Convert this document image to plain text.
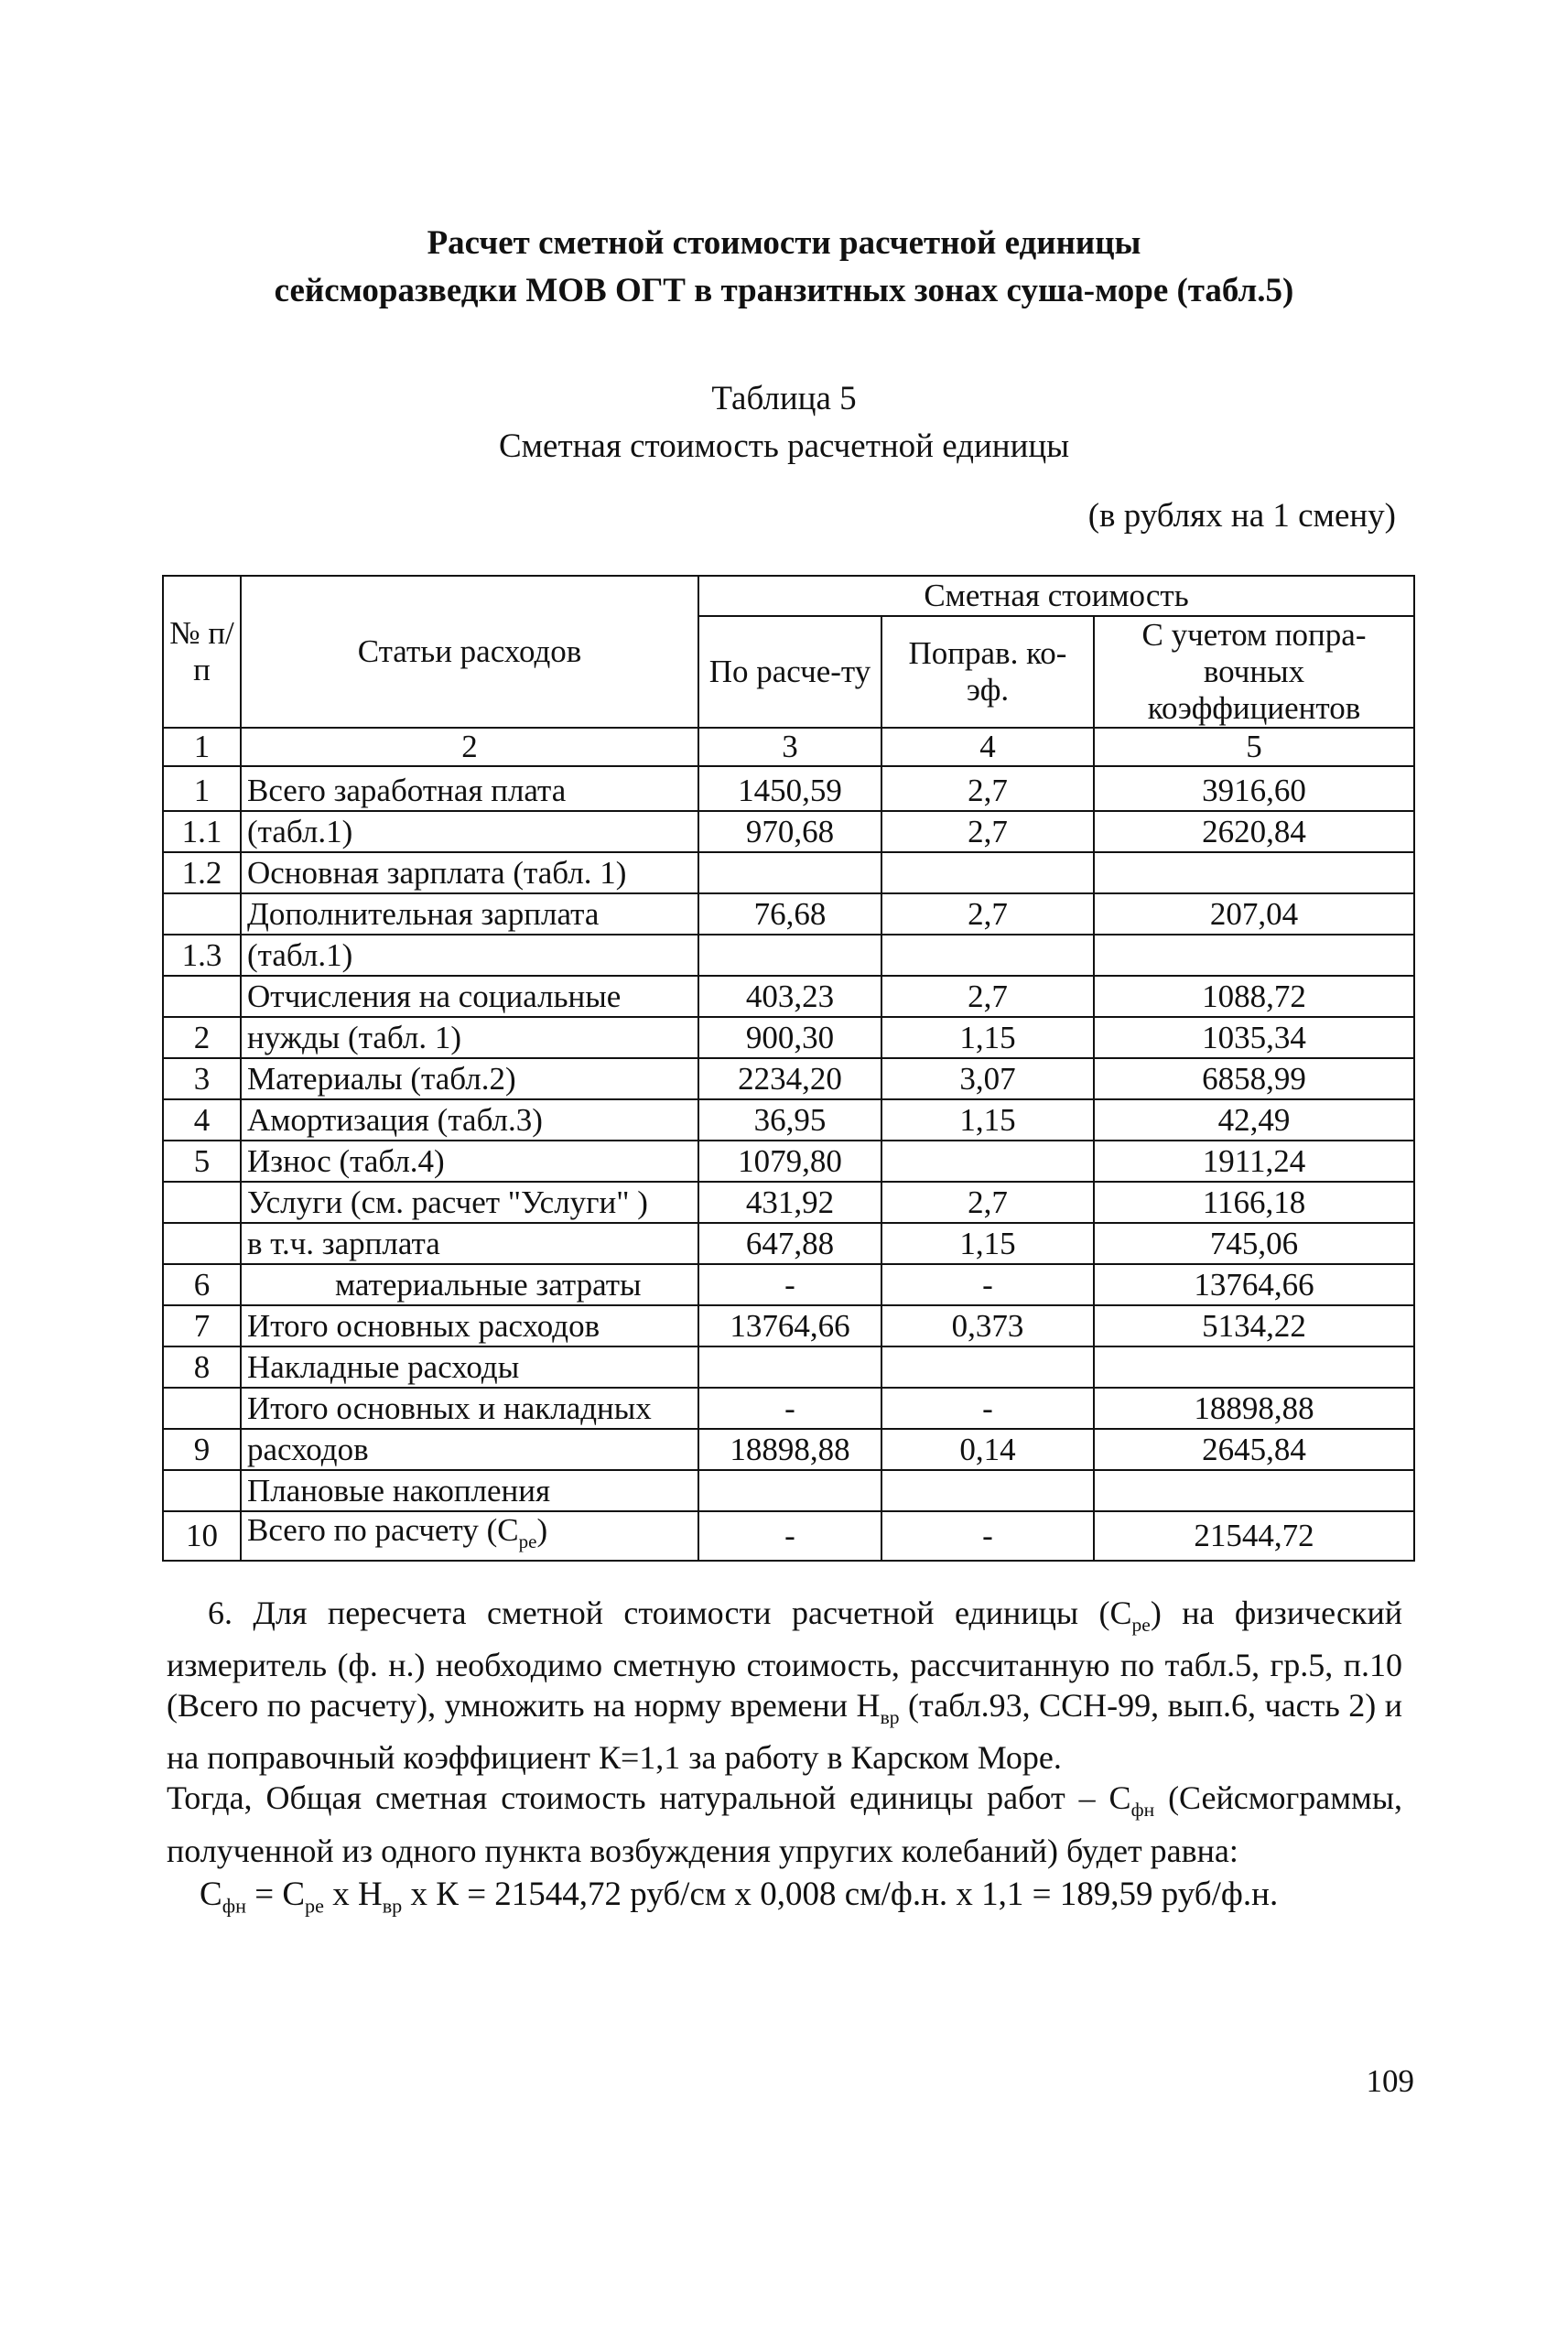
Расчет сметной стоимости расчетной единицы
сейсморазведки МОВ ОГТ в транзитных зонах суша-море (табл.5)
Таблица 5
Сметная стоимость расчетной единицы
(в рублях на 1 смену)
№ п/п	Статьи расходов	Сметная стоимость		
		По расче-ту	Поправ. ко-эф.	С учетом попра-вочных коэффициентов
1	2	3	4	5
1	Всего заработная плата	1450,59	2,7	3916,60
1.1	(табл.1)	970,68	2,7	2620,84
1.2	Основная зарплата (табл. 1)			
	Дополнительная зарплата	76,68	2,7	207,04
1.3	(табл.1)			
	Отчисления на социальные	403,23	2,7	1088,72
2	нужды (табл. 1)	900,30	1,15	1035,34
3	Материалы (табл.2)	2234,20	3,07	6858,99
4	Амортизация (табл.3)	36,95	1,15	42,49
5	Износ (табл.4)	1079,80		1911,24
	Услуги (см. расчет "Услуги" )	431,92	2,7	1166,18
	в т.ч. зарплата	647,88	1,15	745,06
6	материальные затраты	-	-	13764,66
7	Итого основных расходов	13764,66	0,373	5134,22
8	Накладные расходы			
	Итого основных и накладных	-	-	18898,88
9	расходов	18898,88	0,14	2645,84
	Плановые накопления			
10	Всего по расчету $(С_{ре})$	-	-	21544,72

6. Для пересчета сметной стоимости расчетной единицы $(С_{ре})$ на физический измеритель (ф. н.) необходимо сметную стоимость, рассчитанную по табл.5, гр.5, п.10 (Всего по расчету), умножить на норму времени $Н_{вр}$ (табл.93, ССН-99, вып.6, часть 2) и на поправочный коэффициент К=1,1 за работу в Карском Море.

Тогда, Общая сметная стоимость натуральной единицы работ – $С_{фн}$ (Сейсмограммы, полученной из одного пункта возбуждения упругих колебаний) будет равна:

$С_{фн} = С_{ре}$ х $Н_{вр}$ х К = 21544,72 руб/см х 0,008 см/ф.н. х 1,1 = 189,59 руб/ф.н.
109
